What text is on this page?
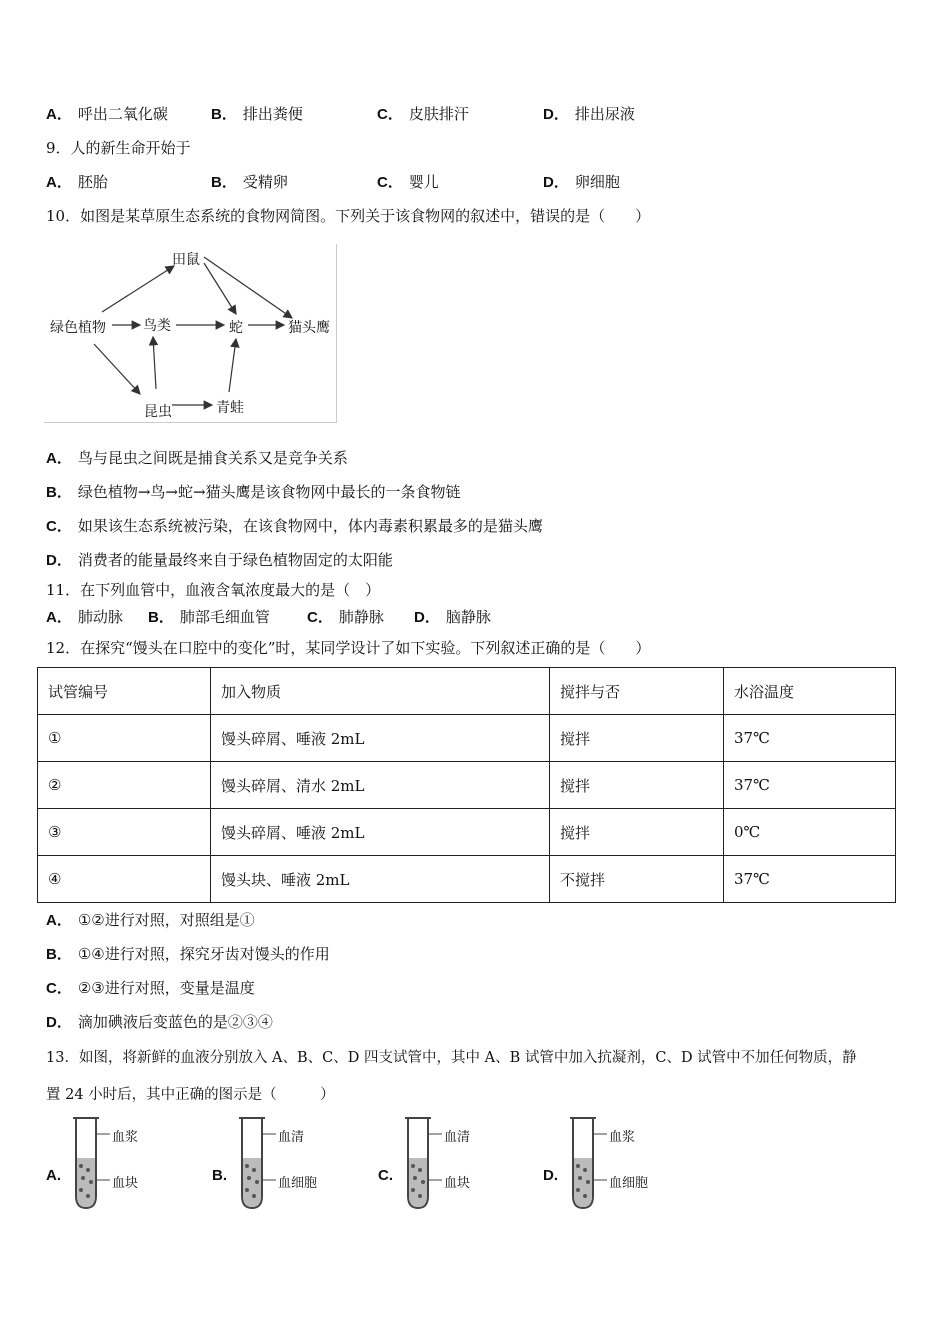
A． 呼出二氧化碳	B． 排出粪便	C． 皮肤排汗	D． 排出尿液
9．人的新生命开始于
A． 胚胎	B． 受精卵	C． 婴儿	D． 卵细胞
10．如图是某草原生态系统的食物网简图。下列关于该食物网的叙述中，错误的是（　　）
田鼠
绿色植物	鸟类	蛇	猫头鹰
昆虫	青蛙
A． 鸟与昆虫之间既是捕食关系又是竞争关系
B． 绿色植物→鸟→蛇→猫头鹰是该食物网中最长的一条食物链
C． 如果该生态系统被污染，在该食物网中，体内毒素积累最多的是猫头鹰
D． 消费者的能量最终来自于绿色植物固定的太阳能
11．在下列血管中，血液含氧浓度最大的是（　）
A． 肺动脉 B． 肺部毛细血管 C． 肺静脉 D． 脑静脉
12．在探究“馒头在口腔中的变化”时，某同学设计了如下实验。下列叙述正确的是（　　）
试管编号	加入物质	搅拌与否	水浴温度
①	馒头碎屑、唾液 2mL	搅拌	37℃
②	馒头碎屑、清水 2mL	搅拌	37℃
③	馒头碎屑、唾液 2mL	搅拌	0℃
④	馒头块、唾液 2mL	不搅拌	37℃
A． ①②进行对照，对照组是①
B． ①④进行对照，探究牙齿对馒头的作用
C． ②③进行对照，变量是温度
D． 滴加碘液后变蓝色的是②③④
13．如图，将新鲜的血液分别放入 A、B、C、D 四支试管中，其中 A、B 试管中加入抗凝剂，C、D 试管中不加任何物质，静
置 24 小时后，其中正确的图示是（　　　）
A.
血浆
血块	B.
血清
血细胞	C.
血清
血块	D.
血浆
血细胞
